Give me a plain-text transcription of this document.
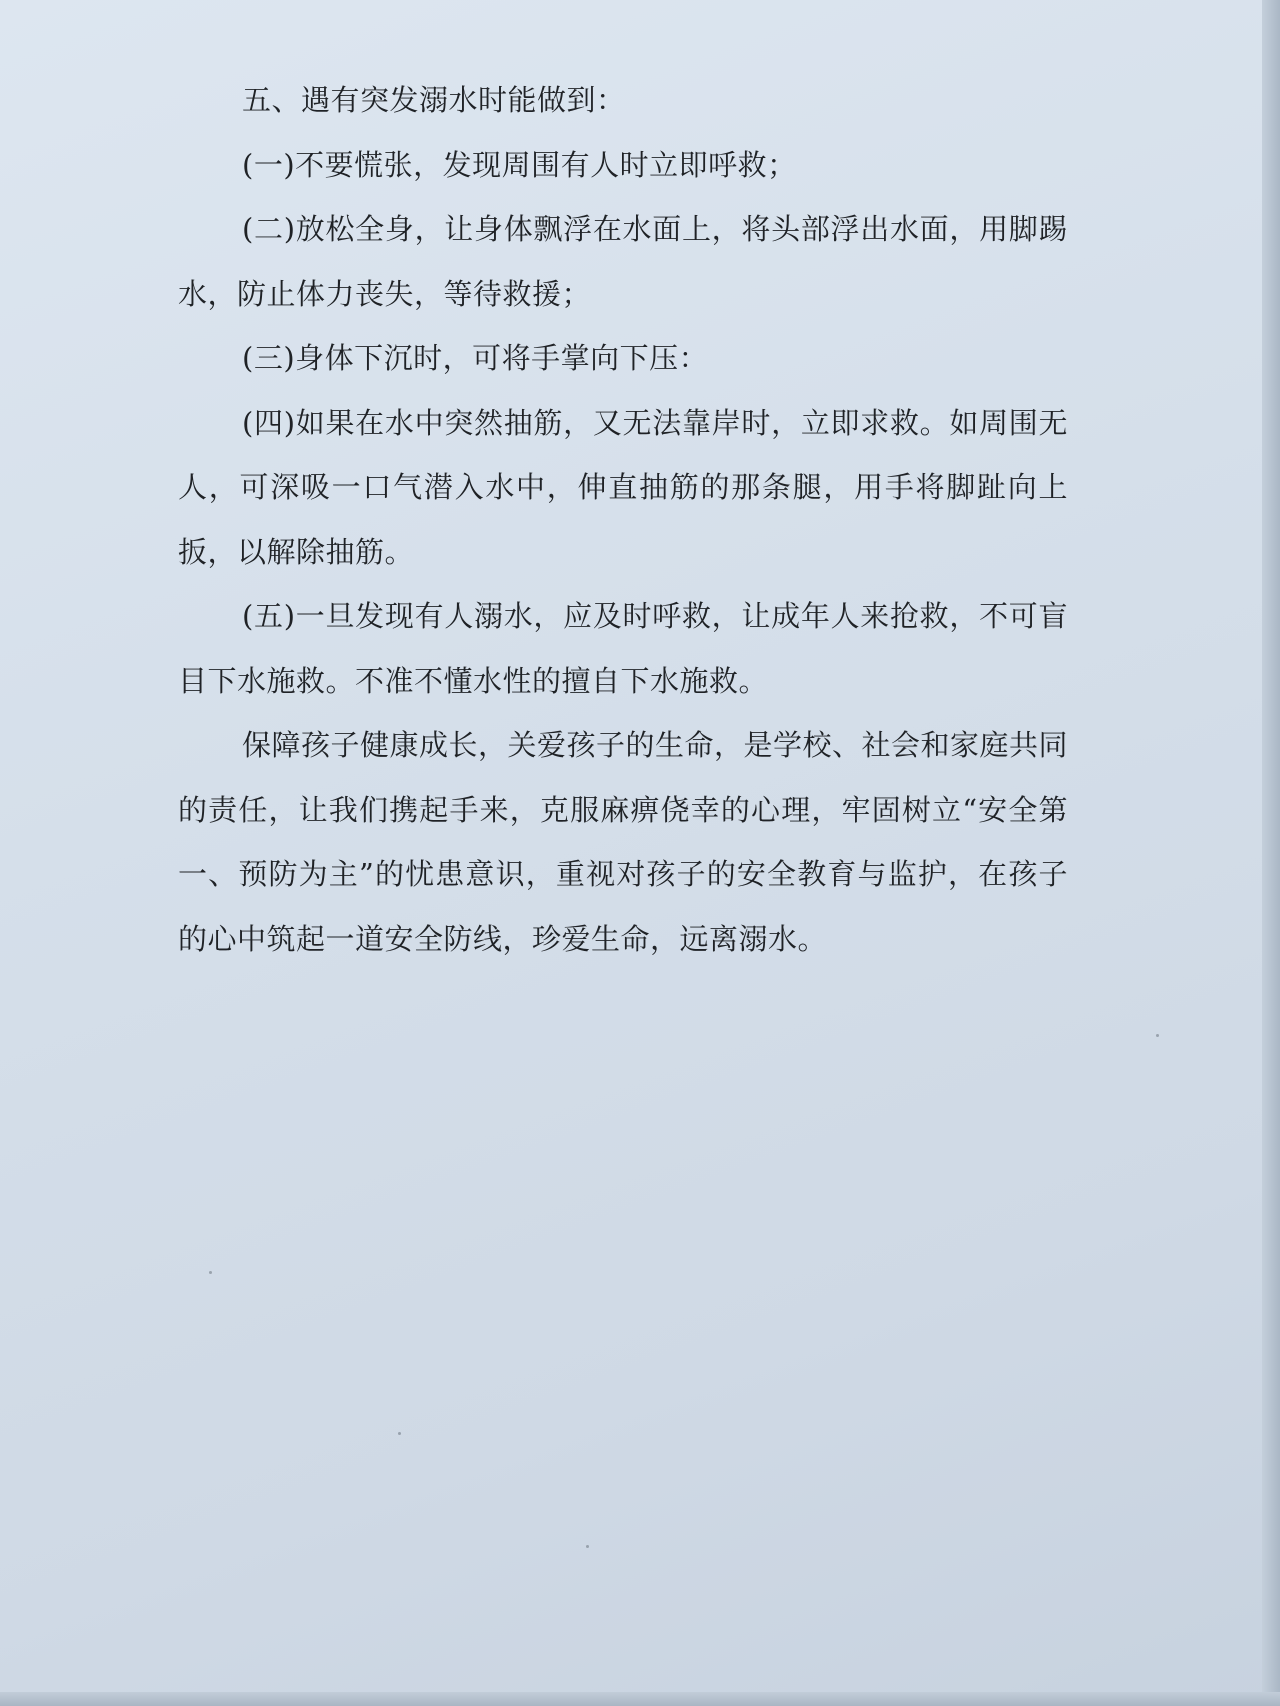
五、遇有突发溺水时能做到：

(一)不要慌张，发现周围有人时立即呼救；

(二)放松全身，让身体飘浮在水面上，将头部浮出水面，用脚踢水，防止体力丧失，等待救援；

(三)身体下沉时，可将手掌向下压：

(四)如果在水中突然抽筋，又无法靠岸时，立即求救。如周围无人，可深吸一口气潜入水中，伸直抽筋的那条腿，用手将脚趾向上扳，以解除抽筋。

(五)一旦发现有人溺水，应及时呼救，让成年人来抢救，不可盲目下水施救。不准不懂水性的擅自下水施救。

保障孩子健康成长，关爱孩子的生命，是学校、社会和家庭共同的责任，让我们携起手来，克服麻痹侥幸的心理，牢固树立“安全第一、预防为主”的忧患意识，重视对孩子的安全教育与监护，在孩子的心中筑起一道安全防线，珍爱生命，远离溺水。
